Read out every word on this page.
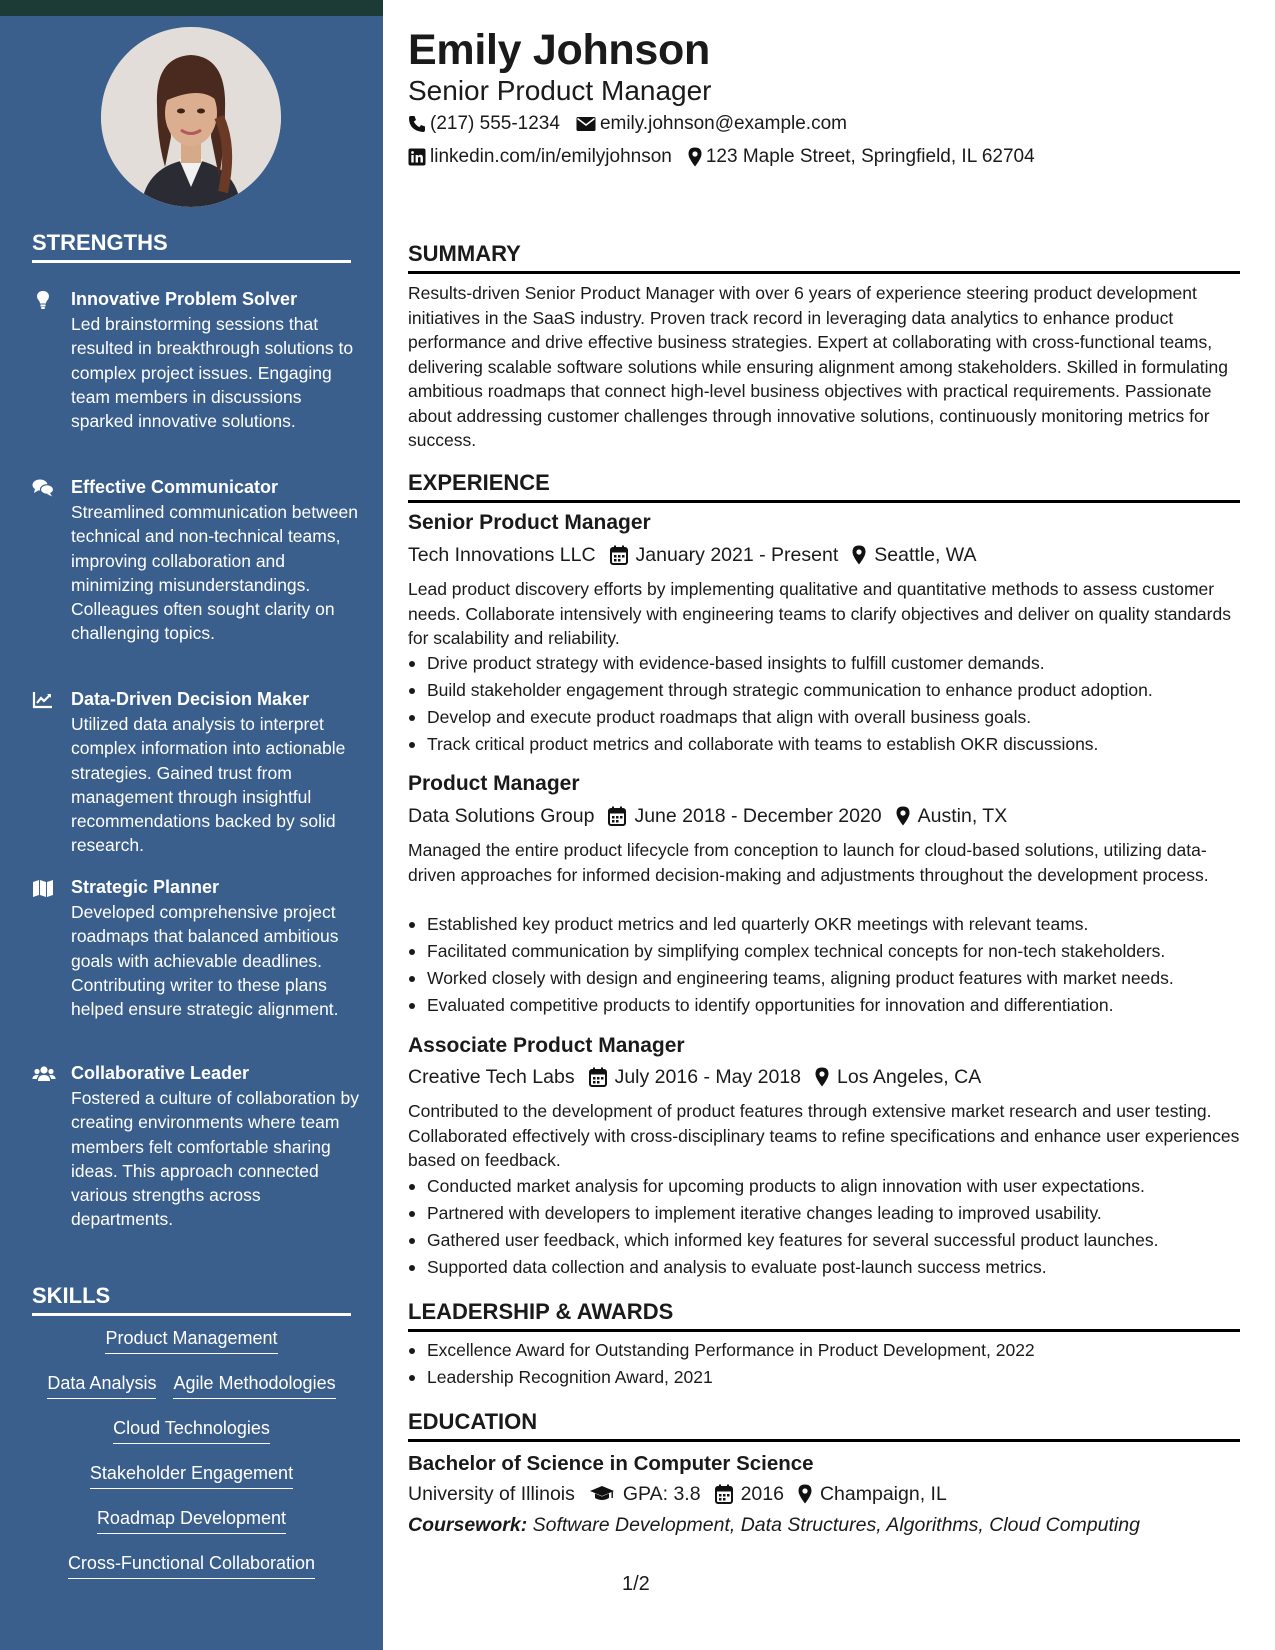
STRENGTHS
Innovative Problem Solver
Led brainstorming sessions that resulted in breakthrough solutions to complex project issues. Engaging team members in discussions sparked innovative solutions.
Effective Communicator
Streamlined communication between technical and non-technical teams, improving collaboration and minimizing misunderstandings. Colleagues often sought clarity on challenging topics.
Data-Driven Decision Maker
Utilized data analysis to interpret complex information into actionable strategies. Gained trust from management through insightful recommendations backed by solid research.
Strategic Planner
Developed comprehensive project roadmaps that balanced ambitious goals with achievable deadlines. Contributing writer to these plans helped ensure strategic alignment.
Collaborative Leader
Fostered a culture of collaboration by creating environments where team members felt comfortable sharing ideas. This approach connected various strengths across departments.
SKILLS
Product Management
Data Analysis Agile Methodologies
Cloud Technologies
Stakeholder Engagement
Roadmap Development
Cross-Functional Collaboration
Emily Johnson
Senior Product Manager
(217) 555-1234 emily.johnson@example.com
linkedin.com/in/emilyjohnson 123 Maple Street, Springfield, IL 62704
SUMMARY
Results-driven Senior Product Manager with over 6 years of experience steering product development initiatives in the SaaS industry. Proven track record in leveraging data analytics to enhance product performance and drive effective business strategies. Expert at collaborating with cross-functional teams, delivering scalable software solutions while ensuring alignment among stakeholders. Skilled in formulating ambitious roadmaps that connect high-level business objectives with practical requirements. Passionate about addressing customer challenges through innovative solutions, continuously monitoring metrics for success.
EXPERIENCE
Senior Product Manager
Tech Innovations LLC January 2021 - Present Seattle, WA
Lead product discovery efforts by implementing qualitative and quantitative methods to assess customer needs. Collaborate intensively with engineering teams to clarify objectives and deliver on quality standards for scalability and reliability.
Drive product strategy with evidence-based insights to fulfill customer demands.
Build stakeholder engagement through strategic communication to enhance product adoption.
Develop and execute product roadmaps that align with overall business goals.
Track critical product metrics and collaborate with teams to establish OKR discussions.
Product Manager
Data Solutions Group June 2018 - December 2020 Austin, TX
Managed the entire product lifecycle from conception to launch for cloud-based solutions, utilizing data-driven approaches for informed decision-making and adjustments throughout the development process.
Established key product metrics and led quarterly OKR meetings with relevant teams.
Facilitated communication by simplifying complex technical concepts for non-tech stakeholders.
Worked closely with design and engineering teams, aligning product features with market needs.
Evaluated competitive products to identify opportunities for innovation and differentiation.
Associate Product Manager
Creative Tech Labs July 2016 - May 2018 Los Angeles, CA
Contributed to the development of product features through extensive market research and user testing. Collaborated effectively with cross-disciplinary teams to refine specifications and enhance user experiences based on feedback.
Conducted market analysis for upcoming products to align innovation with user expectations.
Partnered with developers to implement iterative changes leading to improved usability.
Gathered user feedback, which informed key features for several successful product launches.
Supported data collection and analysis to evaluate post-launch success metrics.
LEADERSHIP & AWARDS
Excellence Award for Outstanding Performance in Product Development, 2022
Leadership Recognition Award, 2021
EDUCATION
Bachelor of Science in Computer Science
University of Illinois GPA: 3.8 2016 Champaign, IL
Coursework: Software Development, Data Structures, Algorithms, Cloud Computing
1/2
